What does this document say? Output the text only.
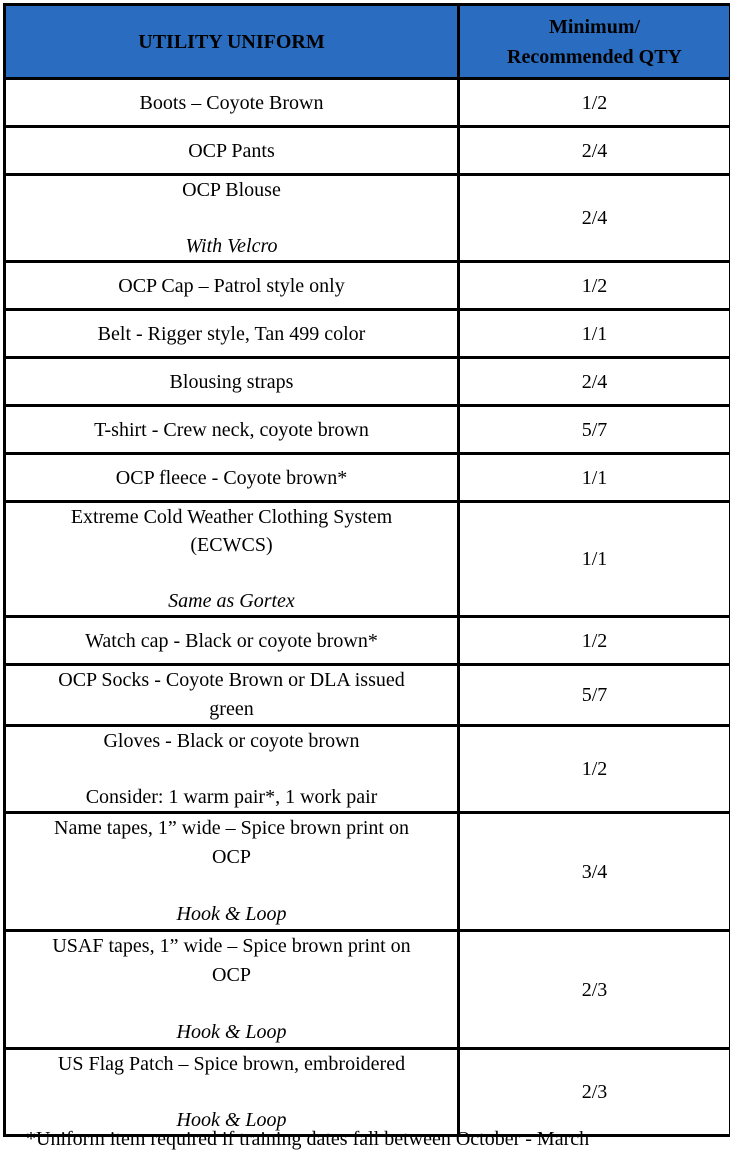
UTILITY UNIFORM	Minimum/
Recommended QTY

Boots – Coyote Brown	1/2
OCP Pants	2/4

OCP Blouse
With Velcro	2/4
OCP Cap – Patrol style only	1/2
Belt - Rigger style, Tan 499 color	1/1
Blousing straps	2/4
T-shirt - Crew neck, coyote brown	5/7
OCP fleece - Coyote brown*	1/1

Extreme Cold Weather Clothing System
(ECWCS)
Same as Gortex	1/1
Watch cap - Black or coyote brown*	1/2

OCP Socks - Coyote Brown or DLA issued
green	5/7

Gloves - Black or coyote brown
Consider: 1 warm pair*, 1 work pair	1/2

Name tapes, 1” wide – Spice brown print on
OCP
Hook & Loop	3/4

USAF tapes, 1” wide – Spice brown print on
OCP
Hook & Loop	2/3

US Flag Patch – Spice brown, embroidered
Hook & Loop	2/3
*Uniform item required if training dates fall between October - March
